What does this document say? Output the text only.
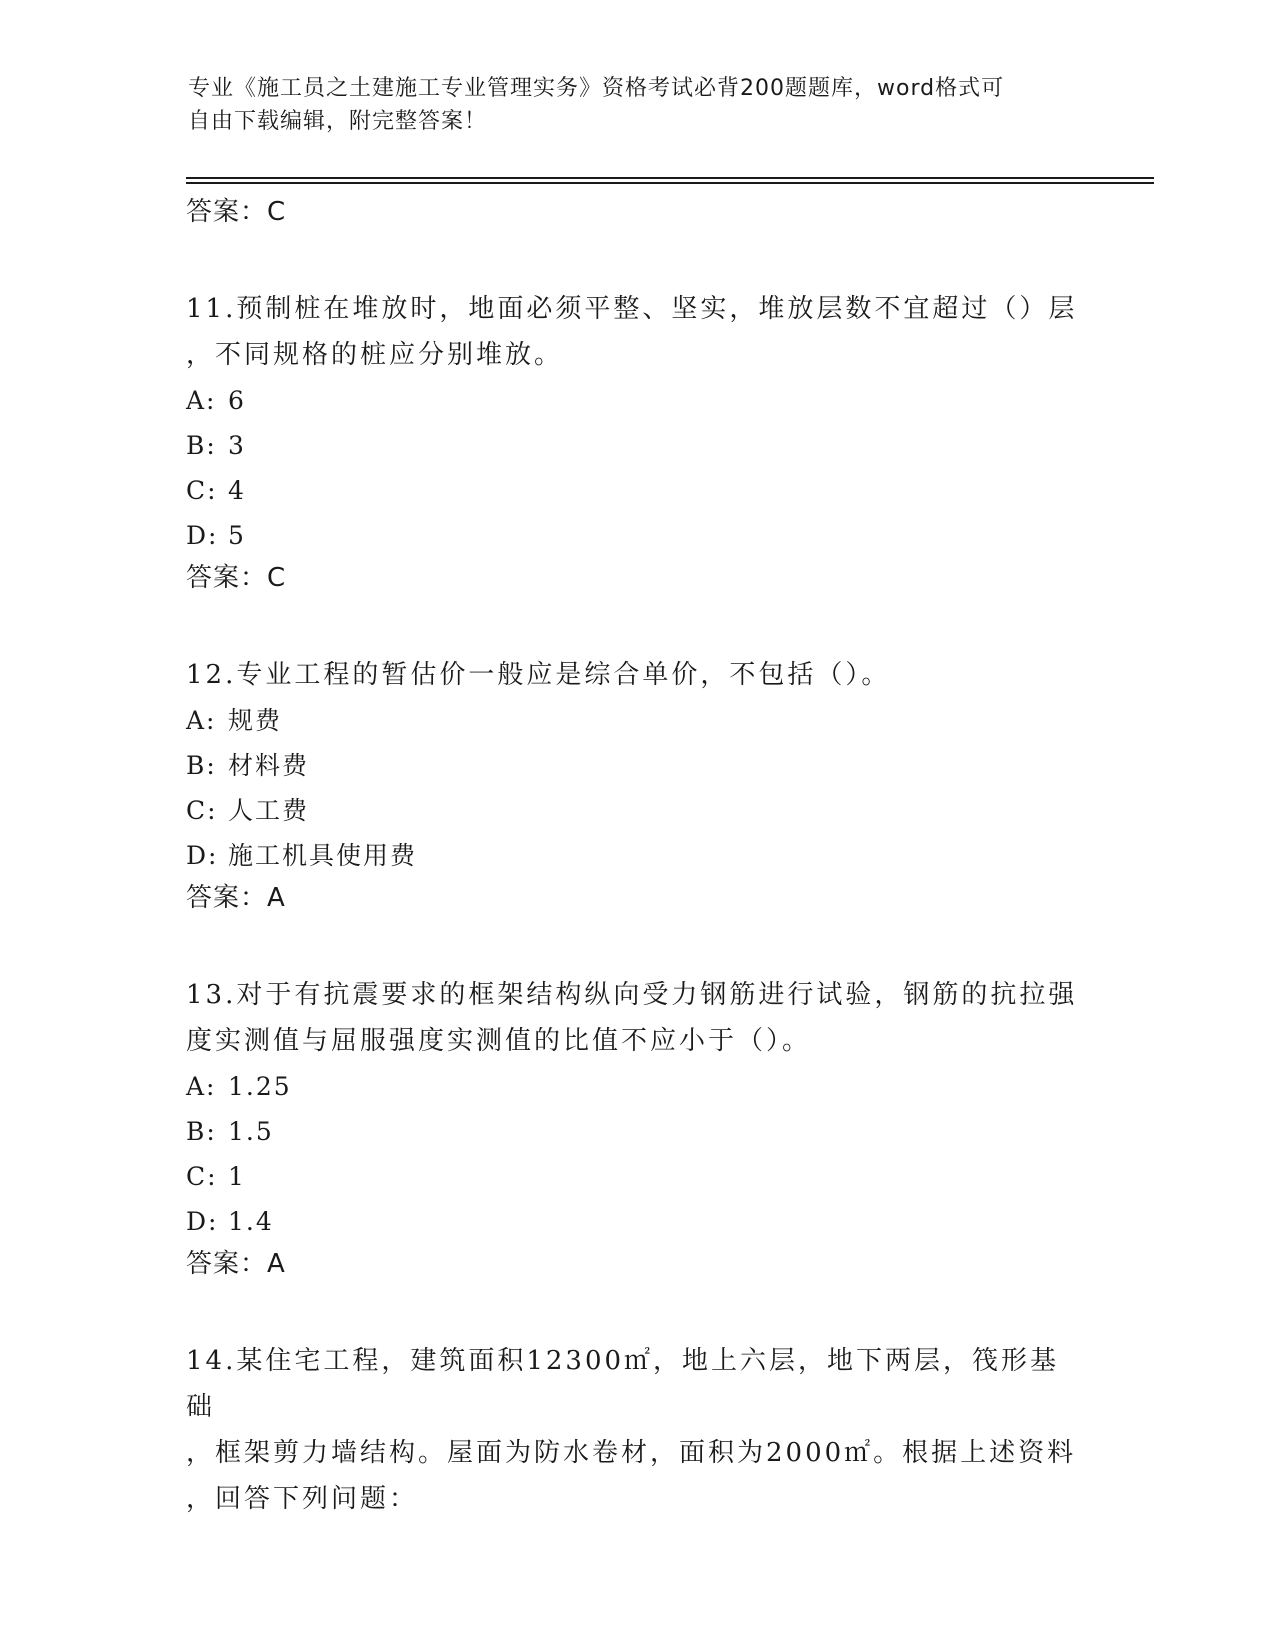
专业《施工员之土建施工专业管理实务》资格考试必背200题题库，word格式可
自由下载编辑，附完整答案！
答案：C
11.预制桩在堆放时，地面必须平整、坚实，堆放层数不宜超过（）层
，不同规格的桩应分别堆放。
A: 6
B: 3
C: 4
D: 5
答案：C
12.专业工程的暂估价一般应是综合单价，不包括（）。
A: 规费
B: 材料费
C: 人工费
D: 施工机具使用费
答案：A
13.对于有抗震要求的框架结构纵向受力钢筋进行试验，钢筋的抗拉强
度实测值与屈服强度实测值的比值不应小于（）。
A: 1.25
B: 1.5
C: 1
D: 1.4
答案：A
14.某住宅工程，建筑面积12300㎡，地上六层，地下两层，筏形基础
，框架剪力墙结构。屋面为防水卷材，面积为2000㎡。根据上述资料
，回答下列问题：
